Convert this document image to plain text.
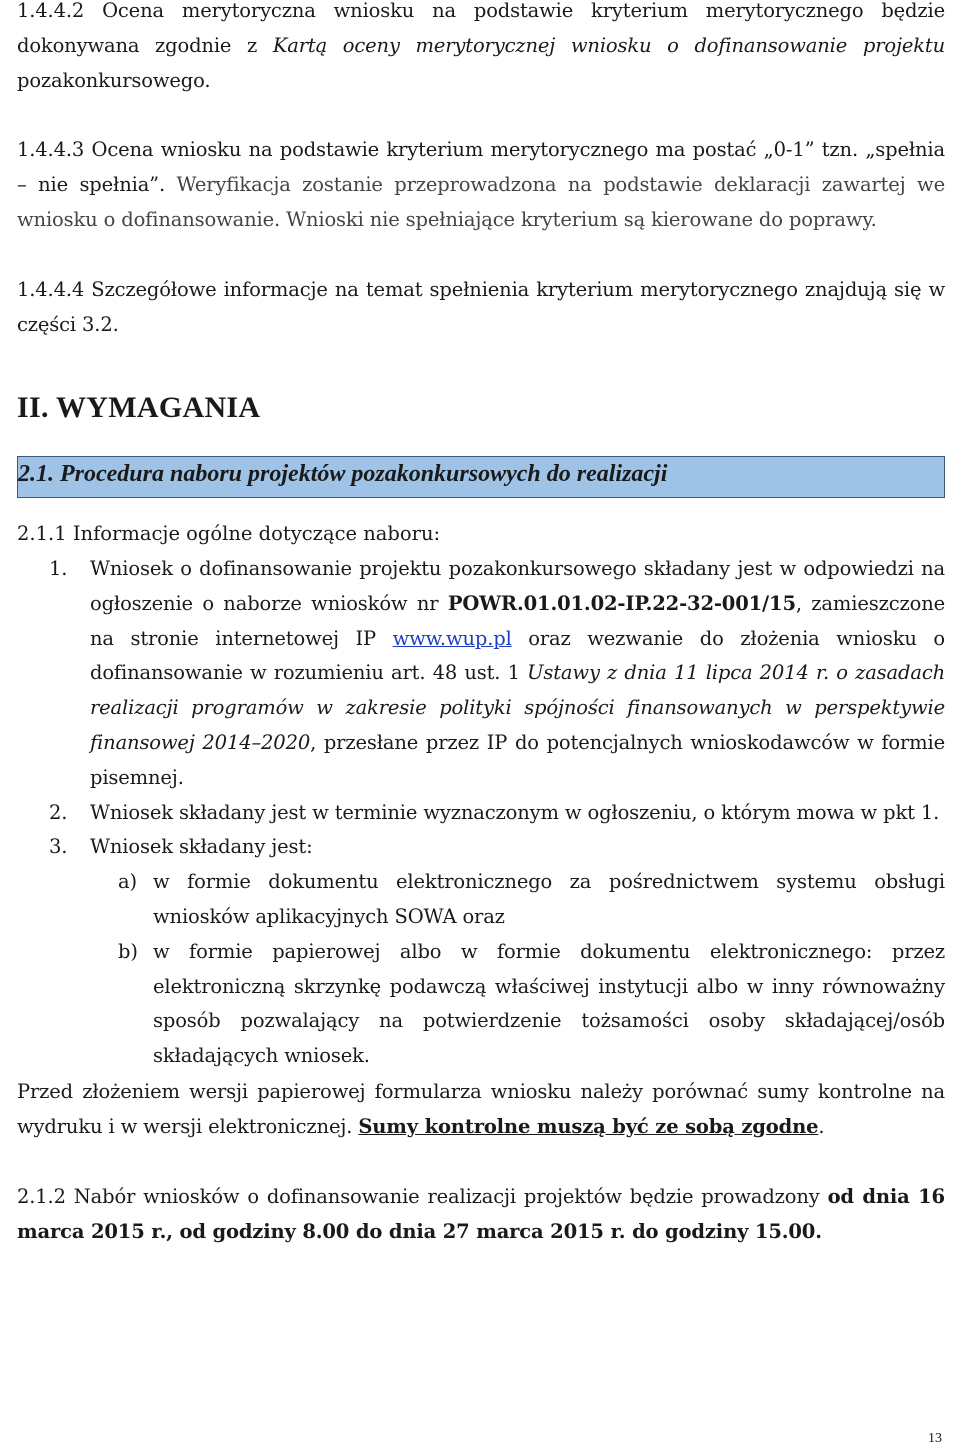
1.4.4.2 Ocena merytoryczna wniosku na podstawie kryterium merytorycznego będzie dokonywana zgodnie z Kartą oceny merytorycznej wniosku o dofinansowanie projektu pozakonkursowego.

1.4.4.3 Ocena wniosku na podstawie kryterium merytorycznego ma postać „0-1” tzn. „spełnia – nie spełnia”. Weryfikacja zostanie przeprowadzona na podstawie deklaracji zawartej we wniosku o dofinansowanie. Wnioski nie spełniające kryterium są kierowane do poprawy.

1.4.4.4 Szczegółowe informacje na temat spełnienia kryterium merytorycznego znajdują się w części 3.2.

II. WYMAGANIA
2.1. Procedura naboru projektów pozakonkursowych do realizacji

2.1.1 Informacje ogólne dotyczące naboru:

1. Wniosek o dofinansowanie projektu pozakonkursowego składany jest w odpowiedzi na ogłoszenie o naborze wniosków nr POWR.01.01.02-IP.22-32-001/15, zamieszczone na stronie internetowej IP www.wup.pl oraz wezwanie do złożenia wniosku o dofinansowanie w rozumieniu art. 48 ust. 1 Ustawy z dnia 11 lipca 2014 r. o zasadach realizacji programów w zakresie polityki spójności finansowanych w perspektywie finansowej 2014–2020, przesłane przez IP do potencjalnych wnioskodawców w formie pisemnej.
2. Wniosek składany jest w terminie wyznaczonym w ogłoszeniu, o którym mowa w pkt 1.
3. Wniosek składany jest:
a) w formie dokumentu elektronicznego za pośrednictwem systemu obsługi wniosków aplikacyjnych SOWA oraz
b) w formie papierowej albo w formie dokumentu elektronicznego: przez elektroniczną skrzynkę podawczą właściwej instytucji albo w inny równoważny sposób pozwalający na potwierdzenie tożsamości osoby składającej/osób składających wniosek.

Przed złożeniem wersji papierowej formularza wniosku należy porównać sumy kontrolne na wydruku i w wersji elektronicznej. Sumy kontrolne muszą być ze sobą zgodne.

2.1.2 Nabór wniosków o dofinansowanie realizacji projektów będzie prowadzony od dnia 16 marca 2015 r., od godziny 8.00 do dnia 27 marca 2015 r. do godziny 15.00.

13
